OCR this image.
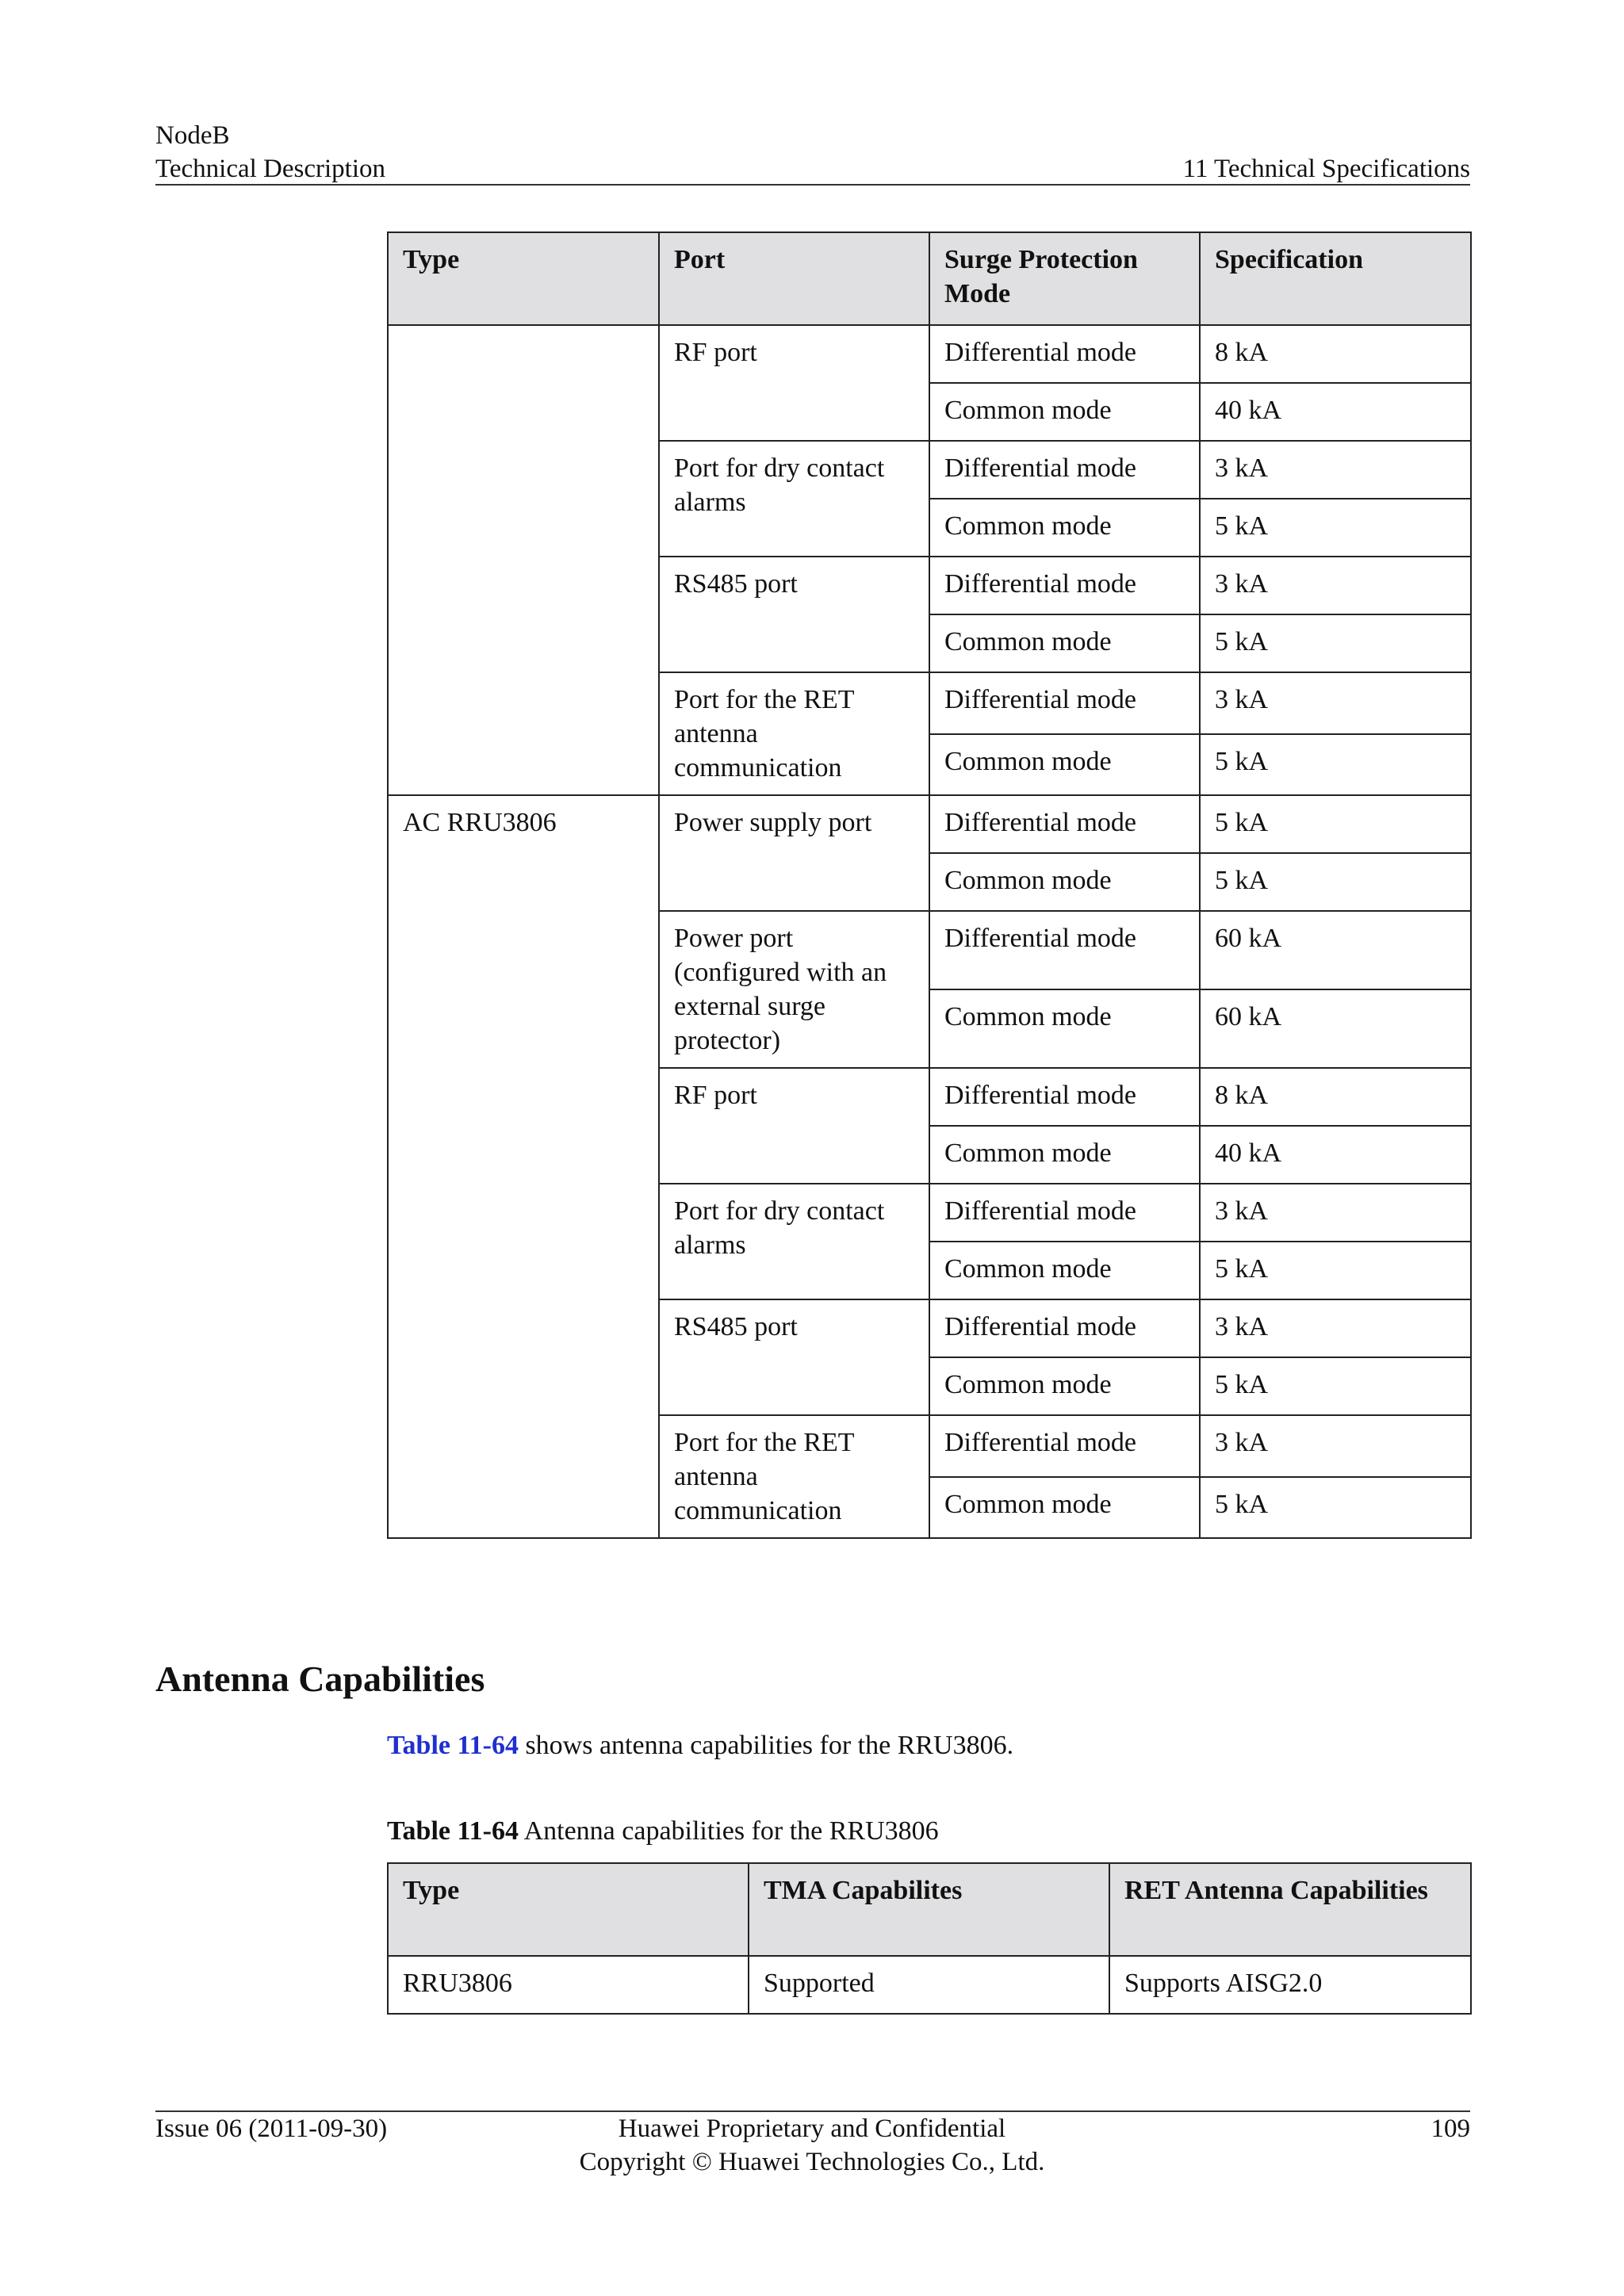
NodeB
Technical Description	11 Technical Specifications
Type	Port	Surge Protection Mode	Specification
	RF port	Differential mode	8 kA
		Common mode	40 kA
	Port for dry contact alarms	Differential mode	3 kA
		Common mode	5 kA
	RS485 port	Differential mode	3 kA
		Common mode	5 kA
	Port for the RET antenna communication	Differential mode	3 kA
		Common mode	5 kA
AC RRU3806	Power supply port	Differential mode	5 kA
		Common mode	5 kA
	Power port (configured with an external surge protector)	Differential mode	60 kA
		Common mode	60 kA
	RF port	Differential mode	8 kA
		Common mode	40 kA
	Port for dry contact alarms	Differential mode	3 kA
		Common mode	5 kA
	RS485 port	Differential mode	3 kA
		Common mode	5 kA
	Port for the RET antenna communication	Differential mode	3 kA
		Common mode	5 kA
Antenna Capabilities
Table 11-64 shows antenna capabilities for the RRU3806.
Table 11-64 Antenna capabilities for the RRU3806
Type	TMA Capabilites	RET Antenna Capabilities
RRU3806	Supported	Supports AISG2.0
Issue 06 (2011-09-30)	Huawei Proprietary and Confidential
Copyright © Huawei Technologies Co., Ltd.
109
